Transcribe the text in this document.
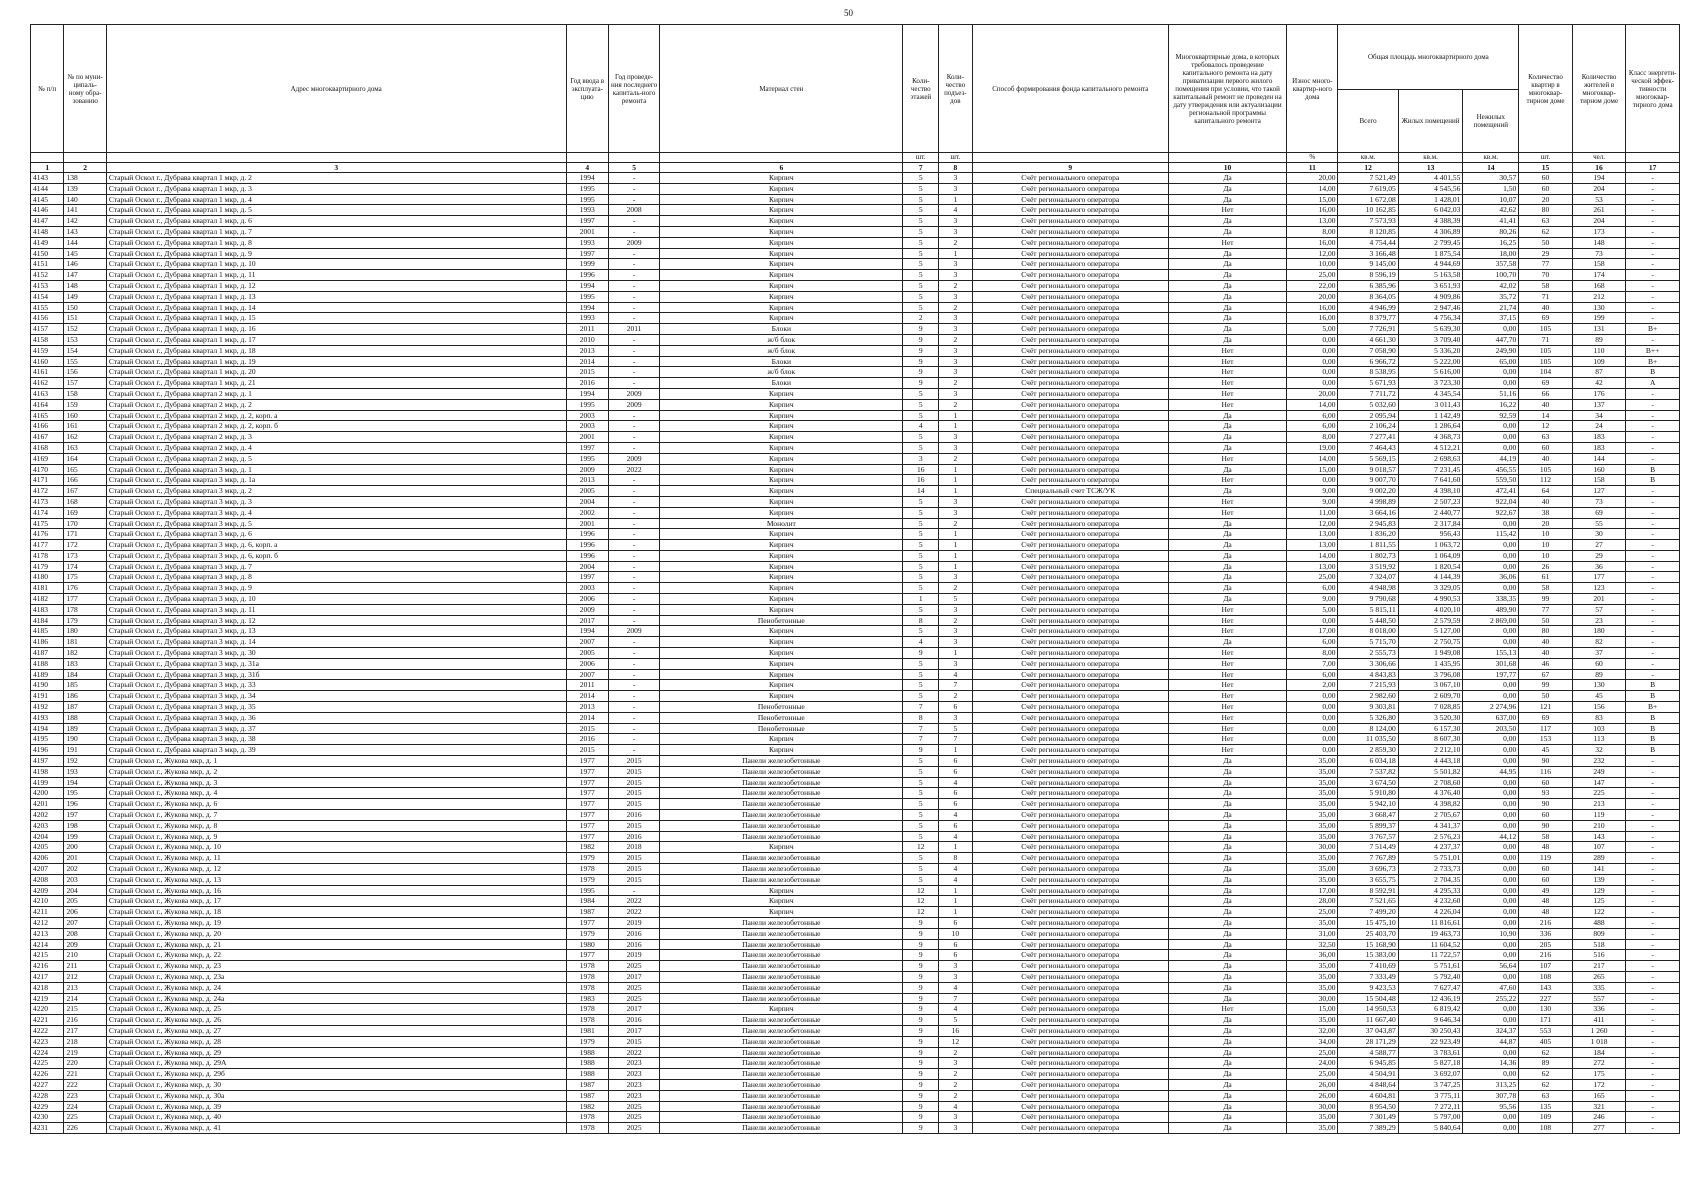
50
№ п/п	№ по муни-ципаль-ному обра-зованию	Адрес многоквартирного дома	Год ввода в эксплуата-цию	Год проведе-ния последнего капиталь-ного ремонта	Материал стен	Коли-чество этажей	Коли-чество подъез-дов	Способ формирования фонда капитального ремонта	Многоквартирные дома, в которых требовалось проведение капитального ремонта на дату приватизации первого жилого помещения при условии, что такой капитальный ремонт не проведен на дату утверждения или актуализации региональной программы капитального ремонта	Износ много-квартир-ного дома	Общая площадь многоквартирного дома			Количество квартир в многоквар-тирном доме	Количество жителей в многоквар-тирном доме	Класс энергети-ческой эффек-тивности многоквар-тирного дома
											Всего	Жилых помещений	Нежилых помещений			
						шт.	шт.			%	кв.м.	кв.м.	кв.м.	шт.	чел.	
1	2	3	4	5	6	7	8	9	10	11	12	13	14	15	16	17
4143	138	Старый Оскол г., Дубрава квартал 1 мкр, д. 2	1994	-	Кирпич	5	3	Счёт регионального оператора	Да	20,00	7 521,49	4 401,55	30,57	60	194	-
4144	139	Старый Оскол г., Дубрава квартал 1 мкр, д. 3	1995	-	Кирпич	5	3	Счёт регионального оператора	Да	14,00	7 619,05	4 545,56	1,50	60	204	-
4145	140	Старый Оскол г., Дубрава квартал 1 мкр, д. 4	1995	-	Кирпич	5	1	Счёт регионального оператора	Да	15,00	1 672,08	1 428,01	10,07	20	53	-
4146	141	Старый Оскол г., Дубрава квартал 1 мкр, д. 5	1993	2008	Кирпич	5	4	Счёт регионального оператора	Нет	16,00	10 162,85	6 042,03	42,62	80	261	-
4147	142	Старый Оскол г., Дубрава квартал 1 мкр, д. 6	1997	-	Кирпич	5	3	Счёт регионального оператора	Да	13,00	7 573,93	4 388,39	41,41	63	204	-
4148	143	Старый Оскол г., Дубрава квартал 1 мкр, д. 7	2001	-	Кирпич	5	3	Счёт регионального оператора	Да	8,00	8 120,85	4 306,89	80,26	62	173	-
4149	144	Старый Оскол г., Дубрава квартал 1 мкр, д. 8	1993	2009	Кирпич	5	2	Счёт регионального оператора	Нет	16,00	4 754,44	2 799,45	16,25	50	148	-
4150	145	Старый Оскол г., Дубрава квартал 1 мкр, д. 9	1997	-	Кирпич	5	1	Счёт регионального оператора	Да	12,00	3 166,48	1 875,54	18,00	29	73	-
4151	146	Старый Оскол г., Дубрава квартал 1 мкр, д. 10	1999	-	Кирпич	5	3	Счёт регионального оператора	Да	10,00	9 145,00	4 944,69	357,58	77	158	-
4152	147	Старый Оскол г., Дубрава квартал 1 мкр, д. 11	1996	-	Кирпич	5	3	Счёт регионального оператора	Да	25,00	8 596,19	5 163,58	100,70	70	174	-
4153	148	Старый Оскол г., Дубрава квартал 1 мкр, д. 12	1994	-	Кирпич	5	2	Счёт регионального оператора	Да	22,00	6 385,96	3 651,93	42,02	58	168	-
4154	149	Старый Оскол г., Дубрава квартал 1 мкр, д. 13	1995	-	Кирпич	5	3	Счёт регионального оператора	Да	20,00	8 364,05	4 909,86	35,72	71	212	-
4155	150	Старый Оскол г., Дубрава квартал 1 мкр, д. 14	1994	-	Кирпич	5	2	Счёт регионального оператора	Да	16,00	4 946,99	2 947,46	21,74	40	130	-
4156	151	Старый Оскол г., Дубрава квартал 1 мкр, д. 15	1993	-	Кирпич	2	3	Счёт регионального оператора	Да	16,00	8 379,77	4 756,34	37,15	69	199	-
4157	152	Старый Оскол г., Дубрава квартал 1 мкр, д. 16	2011	2011	Блоки	9	3	Счёт регионального оператора	Да	5,00	7 726,91	5 639,30	0,00	105	131	В+
4158	153	Старый Оскол г., Дубрава квартал 1 мкр, д. 17	2010	-	ж/б блок	9	2	Счёт регионального оператора	Да	0,00	4 661,30	3 709,40	447,70	71	89	-
4159	154	Старый Оскол г., Дубрава квартал 1 мкр, д. 18	2013	-	ж/б блок	9	3	Счёт регионального оператора	Нет	0,00	7 058,90	5 336,20	249,90	105	110	В++
4160	155	Старый Оскол г., Дубрава квартал 1 мкр, д. 19	2014	-	Блоки	9	3	Счёт регионального оператора	Нет	0,00	6 966,72	5 222,00	65,00	105	109	В+
4161	156	Старый Оскол г., Дубрава квартал 1 мкр, д. 20	2015	-	ж/б блок	9	3	Счёт регионального оператора	Нет	0,00	8 538,95	5 616,00	0,00	104	87	В
4162	157	Старый Оскол г., Дубрава квартал 1 мкр, д. 21	2016	-	Блоки	9	2	Счёт регионального оператора	Нет	0,00	5 671,93	3 723,30	0,00	69	42	А
4163	158	Старый Оскол г., Дубрава квартал 2 мкр, д. 1	1994	2009	Кирпич	5	3	Счёт регионального оператора	Нет	20,00	7 711,72	4 345,54	51,16	66	176	-
4164	159	Старый Оскол г., Дубрава квартал 2 мкр, д. 2	1995	2009	Кирпич	5	2	Счёт регионального оператора	Нет	14,00	5 032,60	3 011,43	16,22	40	137	-
4165	160	Старый Оскол г., Дубрава квартал 2 мкр, д. 2, корп. а	2003	-	Кирпич	5	1	Счёт регионального оператора	Да	6,00	2 095,94	1 142,49	92,59	14	34	-
4166	161	Старый Оскол г., Дубрава квартал 2 мкр, д. 2, корп. б	2003	-	Кирпич	4	1	Счёт регионального оператора	Да	6,00	2 106,24	1 286,64	0,00	12	24	-
4167	162	Старый Оскол г., Дубрава квартал 2 мкр, д. 3	2001	-	Кирпич	5	3	Счёт регионального оператора	Да	8,00	7 277,41	4 368,73	0,00	63	183	-
4168	163	Старый Оскол г., Дубрава квартал 2 мкр, д. 4	1997	-	Кирпич	5	3	Счёт регионального оператора	Да	19,00	7 464,43	4 512,21	0,00	60	183	-
4169	164	Старый Оскол г., Дубрава квартал 2 мкр, д. 5	1995	2009	Кирпич	3	2	Счёт регионального оператора	Нет	14,00	5 569,15	2 698,63	44,19	40	144	-
4170	165	Старый Оскол г., Дубрава квартал 3 мкр, д. 1	2009	2022	Кирпич	16	1	Счёт регионального оператора	Да	15,00	9 018,57	7 231,45	456,55	105	160	В
4171	166	Старый Оскол г., Дубрава квартал 3 мкр, д. 1а	2013	-	Кирпич	16	1	Счёт регионального оператора	Нет	0,00	9 007,70	7 641,60	559,50	112	158	В
4172	167	Старый Оскол г., Дубрава квартал 3 мкр, д. 2	2005	-	Кирпич	14	1	Специальный счет ТСЖ/УК	Да	9,00	9 002,20	4 398,10	472,41	64	127	-
4173	168	Старый Оскол г., Дубрава квартал 3 мкр, д. 3	2004	-	Кирпич	5	3	Счёт регионального оператора	Нет	9,00	4 998,89	2 507,23	922,04	40	73	-
4174	169	Старый Оскол г., Дубрава квартал 3 мкр, д. 4	2002	-	Кирпич	5	3	Счёт регионального оператора	Нет	11,00	3 664,16	2 440,77	922,67	38	69	-
4175	170	Старый Оскол г., Дубрава квартал 3 мкр, д. 5	2001	-	Монолит	5	2	Счёт регионального оператора	Да	12,00	2 945,83	2 317,84	0,00	20	55	-
4176	171	Старый Оскол г., Дубрава квартал 3 мкр, д. 6	1996	-	Кирпич	5	1	Счёт регионального оператора	Да	13,00	1 836,20	956,43	115,42	10	30	-
4177	172	Старый Оскол г., Дубрава квартал 3 мкр, д. 6, корп. а	1996	-	Кирпич	5	1	Счёт регионального оператора	Да	13,00	1 811,55	1 063,72	0,00	10	27	-
4178	173	Старый Оскол г., Дубрава квартал 3 мкр, д. 6, корп. б	1996	-	Кирпич	5	1	Счёт регионального оператора	Да	14,00	1 802,73	1 064,09	0,00	10	29	-
4179	174	Старый Оскол г., Дубрава квартал 3 мкр, д. 7	2004	-	Кирпич	5	1	Счёт регионального оператора	Да	13,00	3 519,92	1 820,54	0,00	26	36	-
4180	175	Старый Оскол г., Дубрава квартал 3 мкр, д. 8	1997	-	Кирпич	5	3	Счёт регионального оператора	Да	25,00	7 324,07	4 144,39	36,06	61	177	-
4181	176	Старый Оскол г., Дубрава квартал 3 мкр, д. 9	2003	-	Кирпич	5	2	Счёт регионального оператора	Да	6,00	4 948,98	3 329,05	0,00	58	123	-
4182	177	Старый Оскол г., Дубрава квартал 3 мкр, д. 10	2006	-	Кирпич	1	5	Счёт регионального оператора	Да	9,00	9 790,68	4 990,53	338,35	99	201	-
4183	178	Старый Оскол г., Дубрава квартал 3 мкр, д. 11	2009	-	Кирпич	5	3	Счёт регионального оператора	Нет	5,00	5 815,11	4 020,10	489,90	77	57	-
4184	179	Старый Оскол г., Дубрава квартал 3 мкр, д. 12	2017	-	Пенобетонные	8	2	Счёт регионального оператора	Нет	0,00	5 448,50	2 579,59	2 869,00	50	23	-
4185	180	Старый Оскол г., Дубрава квартал 3 мкр, д. 13	1994	2009	Кирпич	5	3	Счёт регионального оператора	Нет	17,00	8 018,00	5 127,00	0,00	80	180	-
4186	181	Старый Оскол г., Дубрава квартал 3 мкр, д. 14	2007	-	Кирпич	4	3	Счёт регионального оператора	Да	6,00	5 715,70	2 750,75	0,00	40	82	-
4187	182	Старый Оскол г., Дубрава квартал 3 мкр, д. 30	2005	-	Кирпич	9	1	Счёт регионального оператора	Нет	8,00	2 555,73	1 949,08	155,13	40	37	-
4188	183	Старый Оскол г., Дубрава квартал 3 мкр, д. 31а	2006	-	Кирпич	5	3	Счёт регионального оператора	Нет	7,00	3 306,66	1 435,95	301,68	46	60	-
4189	184	Старый Оскол г., Дубрава квартал 3 мкр, д. 31б	2007	-	Кирпич	5	4	Счёт регионального оператора	Нет	6,00	4 843,83	3 796,08	197,77	67	89	-
4190	185	Старый Оскол г., Дубрава квартал 3 мкр, д. 33	2011	-	Кирпич	5	7	Счёт регионального оператора	Нет	2,00	7 215,93	3 067,10	0,00	99	130	В
4191	186	Старый Оскол г., Дубрава квартал 3 мкр, д. 34	2014	-	Кирпич	5	2	Счёт регионального оператора	Нет	0,00	2 982,60	2 609,70	0,00	50	45	В
4192	187	Старый Оскол г., Дубрава квартал 3 мкр, д. 35	2013	-	Пенобетонные	7	6	Счёт регионального оператора	Нет	0,00	9 303,81	7 028,85	2 274,96	121	156	В+
4193	188	Старый Оскол г., Дубрава квартал 3 мкр, д. 36	2014	-	Пенобетонные	8	3	Счёт регионального оператора	Нет	0,00	5 326,80	3 520,30	637,00	69	83	В
4194	189	Старый Оскол г., Дубрава квартал 3 мкр, д. 37	2015	-	Пенобетонные	7	5	Счёт регионального оператора	Нет	0,00	8 124,00	6 157,30	203,50	117	103	В
4195	190	Старый Оскол г., Дубрава квартал 3 мкр, д. 38	2016	-	Кирпич	7	7	Счёт регионального оператора	Нет	0,00	11 035,50	8 607,30	0,00	153	113	В
4196	191	Старый Оскол г., Дубрава квартал 3 мкр, д. 39	2015	-	Кирпич	9	1	Счёт регионального оператора	Нет	0,00	2 859,30	2 212,10	0,00	45	32	В
4197	192	Старый Оскол г., Жукова мкр, д. 1	1977	2015	Панели железобетонные	5	6	Счёт регионального оператора	Да	35,00	6 034,18	4 443,18	0,00	90	232	-
4198	193	Старый Оскол г., Жукова мкр, д. 2	1977	2015	Панели железобетонные	5	6	Счёт регионального оператора	Да	35,00	7 537,82	5 501,82	44,95	116	249	-
4199	194	Старый Оскол г., Жукова мкр, д. 3	1977	2015	Панели железобетонные	5	4	Счёт регионального оператора	Да	35,00	3 674,50	2 708,60	0,00	60	147	-
4200	195	Старый Оскол г., Жукова мкр, д. 4	1977	2015	Панели железобетонные	5	6	Счёт регионального оператора	Да	35,00	5 910,80	4 376,40	0,00	93	225	-
4201	196	Старый Оскол г., Жукова мкр, д. 6	1977	2015	Панели железобетонные	5	6	Счёт регионального оператора	Да	35,00	5 942,10	4 398,82	0,00	90	213	-
4202	197	Старый Оскол г., Жукова мкр, д. 7	1977	2016	Панели железобетонные	5	4	Счёт регионального оператора	Да	35,00	3 668,47	2 705,67	0,00	60	119	-
4203	198	Старый Оскол г., Жукова мкр, д. 8	1977	2015	Панели железобетонные	5	6	Счёт регионального оператора	Да	35,00	5 899,37	4 341,37	0,00	90	210	-
4204	199	Старый Оскол г., Жукова мкр, д. 9	1977	2016	Панели железобетонные	5	4	Счёт регионального оператора	Да	35,00	3 767,57	2 576,23	44,12	58	143	-
4205	200	Старый Оскол г., Жукова мкр, д. 10	1982	2018	Кирпич	12	1	Счёт регионального оператора	Да	30,00	7 514,49	4 237,37	0,00	48	107	-
4206	201	Старый Оскол г., Жукова мкр, д. 11	1979	2015	Панели железобетонные	5	8	Счёт регионального оператора	Да	35,00	7 767,89	5 751,01	0,00	119	289	-
4207	202	Старый Оскол г., Жукова мкр, д. 12	1978	2015	Панели железобетонные	5	4	Счёт регионального оператора	Да	35,00	3 696,73	2 733,73	0,00	60	141	-
4208	203	Старый Оскол г., Жукова мкр, д. 13	1979	2015	Панели железобетонные	5	4	Счёт регионального оператора	Да	35,00	3 655,75	2 704,35	0,00	60	139	-
4209	204	Старый Оскол г., Жукова мкр, д. 16	1995	-	Кирпич	12	1	Счёт регионального оператора	Да	17,00	8 592,91	4 295,33	0,00	49	129	-
4210	205	Старый Оскол г., Жукова мкр, д. 17	1984	2022	Кирпич	12	1	Счёт регионального оператора	Да	28,00	7 521,65	4 232,60	0,00	48	125	-
4211	206	Старый Оскол г., Жукова мкр, д. 18	1987	2022	Кирпич	12	1	Счёт регионального оператора	Да	25,00	7 499,20	4 226,04	0,00	48	122	-
4212	207	Старый Оскол г., Жукова мкр, д. 19	1977	2019	Панели железобетонные	9	6	Счёт регионального оператора	Да	35,00	15 475,10	11 816,61	0,00	216	488	-
4213	208	Старый Оскол г., Жукова мкр, д. 20	1979	2016	Панели железобетонные	9	10	Счёт регионального оператора	Да	31,00	25 403,70	19 463,73	10,90	336	809	-
4214	209	Старый Оскол г., Жукова мкр, д. 21	1980	2016	Панели железобетонные	9	6	Счёт регионального оператора	Да	32,50	15 168,90	11 604,52	0,00	205	518	-
4215	210	Старый Оскол г., Жукова мкр, д. 22	1977	2019	Панели железобетонные	9	6	Счёт регионального оператора	Да	36,00	15 383,00	11 722,57	0,00	216	516	-
4216	211	Старый Оскол г., Жукова мкр, д. 23	1978	2025	Панели железобетонные	9	3	Счёт регионального оператора	Да	35,00	7 410,69	5 751,61	56,64	107	217	-
4217	212	Старый Оскол г., Жукова мкр, д. 23а	1978	2017	Панели железобетонные	9	3	Счёт регионального оператора	Да	35,00	7 333,49	5 792,40	0,00	108	265	-
4218	213	Старый Оскол г., Жукова мкр, д. 24	1978	2025	Панели железобетонные	9	4	Счёт регионального оператора	Да	35,00	9 423,53	7 627,47	47,60	143	335	-
4219	214	Старый Оскол г., Жукова мкр, д. 24а	1983	2025	Панели железобетонные	9	7	Счёт регионального оператора	Да	30,00	15 504,48	12 436,19	255,22	227	557	-
4220	215	Старый Оскол г., Жукова мкр, д. 25	1978	2017	Кирпич	9	4	Счёт регионального оператора	Нет	15,00	14 950,53	6 819,42	0,00	130	336	-
4221	216	Старый Оскол г., Жукова мкр, д. 26	1978	2016	Панели железобетонные	9	5	Счёт регионального оператора	Да	35,00	11 667,40	9 646,34	0,00	171	411	-
4222	217	Старый Оскол г., Жукова мкр, д. 27	1981	2017	Панели железобетонные	9	16	Счёт регионального оператора	Да	32,00	37 043,87	30 250,43	324,37	553	1 260	-
4223	218	Старый Оскол г., Жукова мкр, д. 28	1979	2015	Панели железобетонные	9	12	Счёт регионального оператора	Да	34,00	28 171,29	22 923,49	44,87	405	1 018	-
4224	219	Старый Оскол г., Жукова мкр, д. 29	1988	2022	Панели железобетонные	9	2	Счёт регионального оператора	Да	25,00	4 588,77	3 783,61	0,00	62	184	-
4225	220	Старый Оскол г., Жукова мкр, д. 29А	1988	2023	Панели железобетонные	9	3	Счёт регионального оператора	Да	24,00	6 945,85	5 827,18	14,36	89	272	-
4226	221	Старый Оскол г., Жукова мкр, д. 29б	1988	2023	Панели железобетонные	9	2	Счёт регионального оператора	Да	25,00	4 504,91	3 692,07	0,00	62	175	-
4227	222	Старый Оскол г., Жукова мкр, д. 30	1987	2023	Панели железобетонные	9	2	Счёт регионального оператора	Да	26,00	4 848,64	3 747,25	313,25	62	172	-
4228	223	Старый Оскол г., Жукова мкр, д. 30а	1987	2023	Панели железобетонные	9	2	Счёт регионального оператора	Да	26,00	4 604,81	3 775,11	307,78	63	165	-
4229	224	Старый Оскол г., Жукова мкр, д. 39	1982	2025	Панели железобетонные	9	4	Счёт регионального оператора	Да	30,00	8 954,50	7 272,11	95,56	135	321	-
4230	225	Старый Оскол г., Жукова мкр, д. 40	1978	2025	Панели железобетонные	9	3	Счёт регионального оператора	Да	35,00	7 301,49	5 797,00	0,00	109	246	-
4231	226	Старый Оскол г., Жукова мкр, д. 41	1978	2025	Панели железобетонные	9	3	Счёт регионального оператора	Да	35,00	7 389,29	5 840,64	0,00	108	277	-
